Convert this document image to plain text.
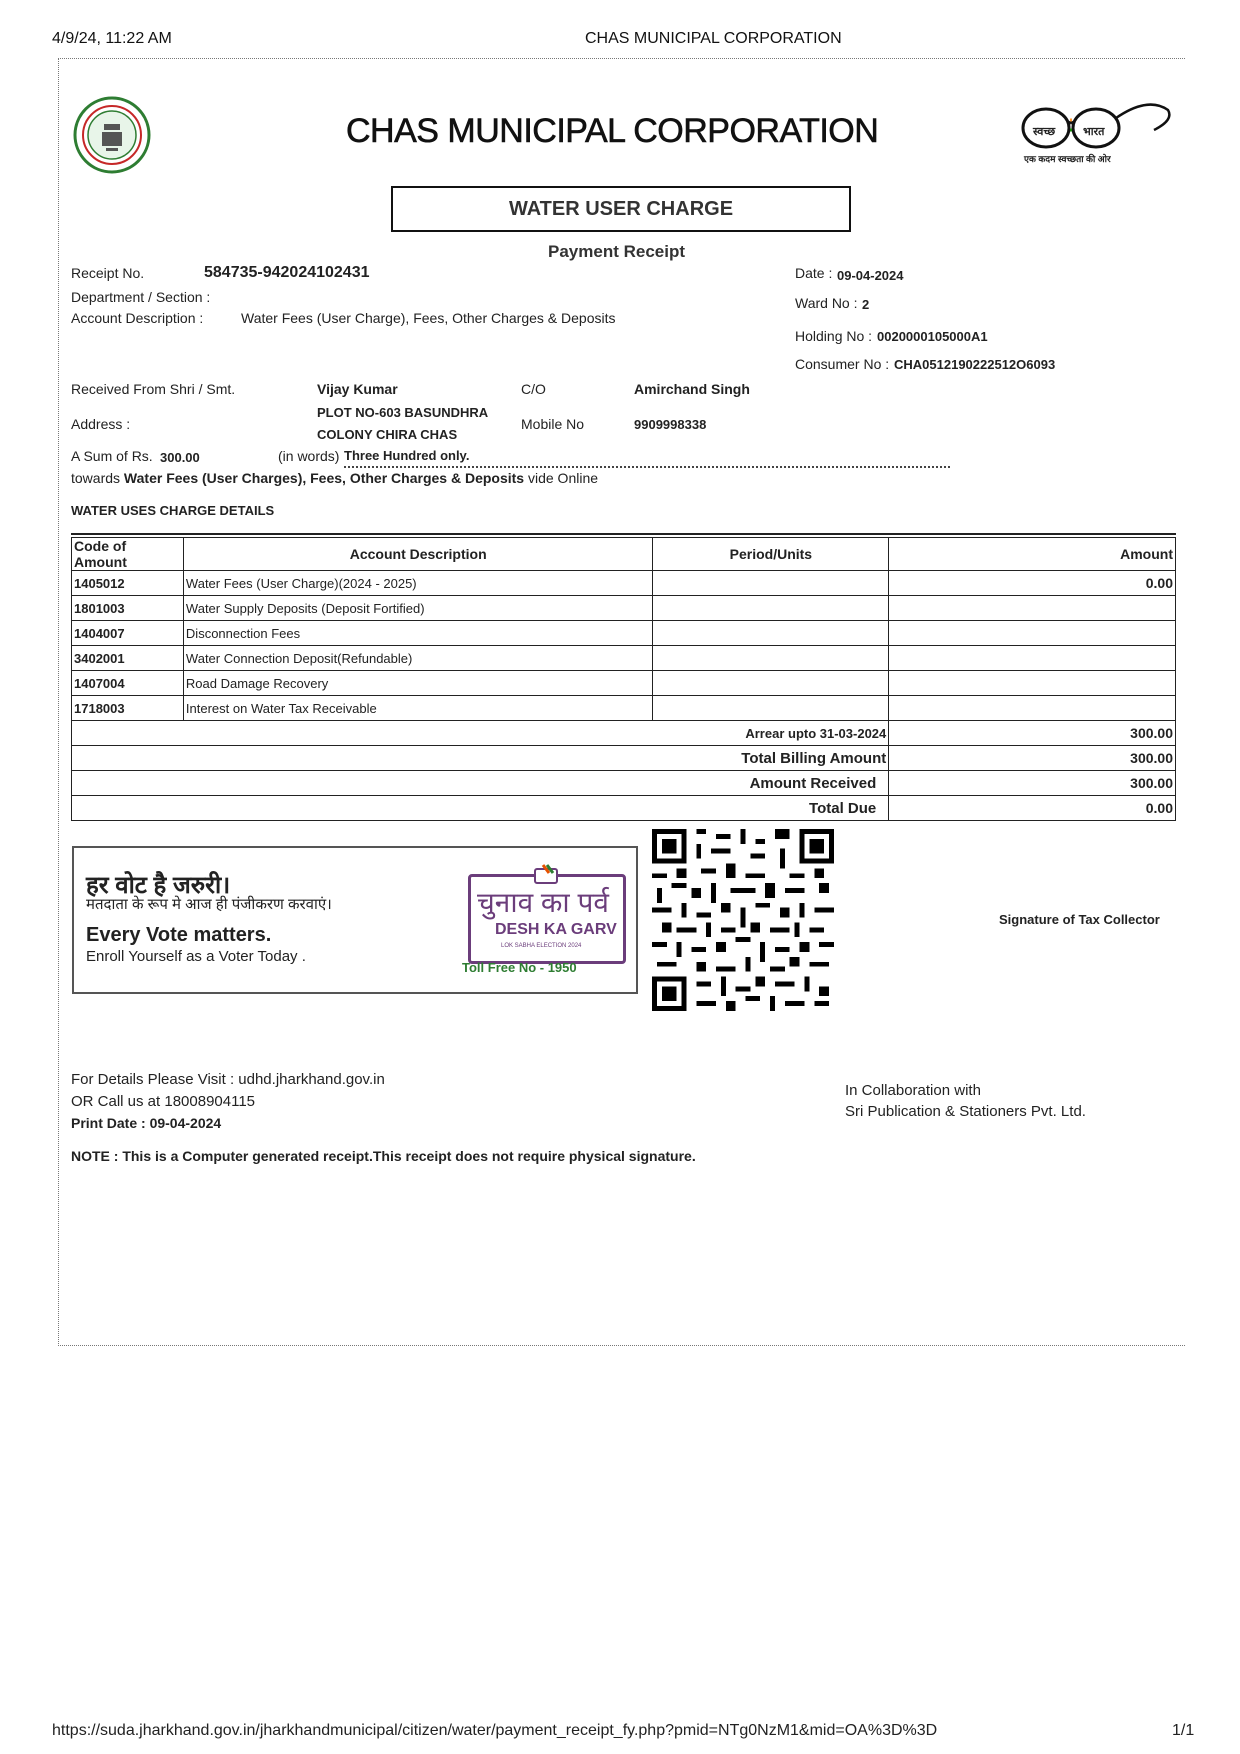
4/9/24, 11:22 AM	CHAS MUNICIPAL CORPORATION
CHAS MUNICIPAL CORPORATION	स्वच्छ	भारत
एक कदम स्वच्छता की ओर
WATER USER CHARGE
Payment Receipt
Receipt No.	584735-942024102431	Date : 09-04-2024
Department / Section :	Ward No : 2
Account Description :	Water Fees (User Charge), Fees, Other Charges & Deposits
Holding No : 0020000105000A1
Consumer No : CHA0512190222512O6093
Received From Shri / Smt.	Vijay Kumar	C/O	Amirchand Singh
Address :
PLOT NO-603 BASUNDHRA
COLONY CHIRA CHAS
Mobile No	9909998338
A Sum of Rs. 300.00	(in words) Three Hundred only.
towards Water Fees (User Charges), Fees, Other Charges & Deposits vide Online
WATER USES CHARGE DETAILS
Code of Amount	Account Description	Period/Units	Amount
1405012	Water Fees (User Charge)(2024 - 2025)		0.00
1801003	Water Supply Deposits (Deposit Fortified)		
1404007	Disconnection Fees		
3402001	Water Connection Deposit(Refundable)		
1407004	Road Damage Recovery		
1718003	Interest on Water Tax Receivable		
Arrear upto 31-03-2024			300.00
Total Billing Amount			300.00
Amount Received			300.00
Total Due			0.00
हर वोट है जरुरी।
मतदाता के रूप मे आज ही पंजीकरण करवाएं।
Every Vote matters.
Enroll Yourself as a Voter Today .
चुनाव का पर्व
DESH KA GARV
LOK SABHA ELECTION 2024
Toll Free No - 1950
Signature of Tax Collector
For Details Please Visit : udhd.jharkhand.gov.in
OR Call us at 18008904115
Print Date : 09-04-2024
In Collaboration with
Sri Publication & Stationers Pvt. Ltd.
NOTE : This is a Computer generated receipt.This receipt does not require physical signature.
https://suda.jharkhand.gov.in/jharkhandmunicipal/citizen/water/payment_receipt_fy.php?pmid=NTg0NzM1&mid=OA%3D%3D	1/1
